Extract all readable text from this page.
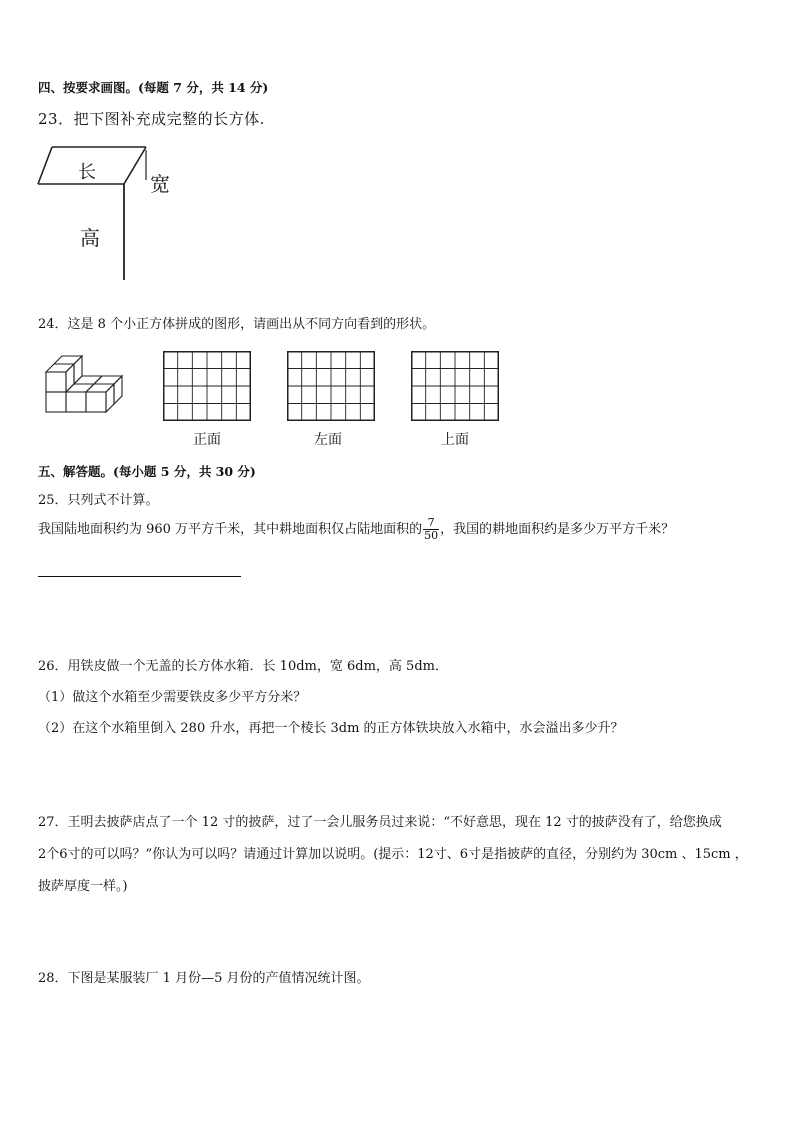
四、按要求画图。(每题 7 分，共 14 分)
23．把下图补充成完整的长方体.
长	宽
高
24．这是 8 个小正方体拼成的图形，请画出从不同方向看到的形状。
正面	左面	上面
五、解答题。(每小题 5 分，共 30 分)
25．只列式不计算。
我国陆地面积约为 960 万平方千米，其中耕地面积仅占陆地面积的 $\frac{7}{50}$ ，我国的耕地面积约是多少万平方千米？
26．用铁皮做一个无盖的长方体水箱．长 10dm，宽 6dm，高 5dm．
（1）做这个水箱至少需要铁皮多少平方分米？
（2）在这个水箱里倒入 280 升水，再把一个棱长 3dm 的正方体铁块放入水箱中，水会溢出多少升？
27．王明去披萨店点了一个 12 寸的披萨，过了一会儿服务员过来说：“不好意思，现在 12 寸的披萨没有了，给您换成
2个6寸的可以吗？”你认为可以吗？请通过计算加以说明。(提示：12寸、6寸是指披萨的直径，分别约为 30cm 、15cm ，
披萨厚度一样。)
28．下图是某服装厂 1 月份—5 月份的产值情况统计图。
